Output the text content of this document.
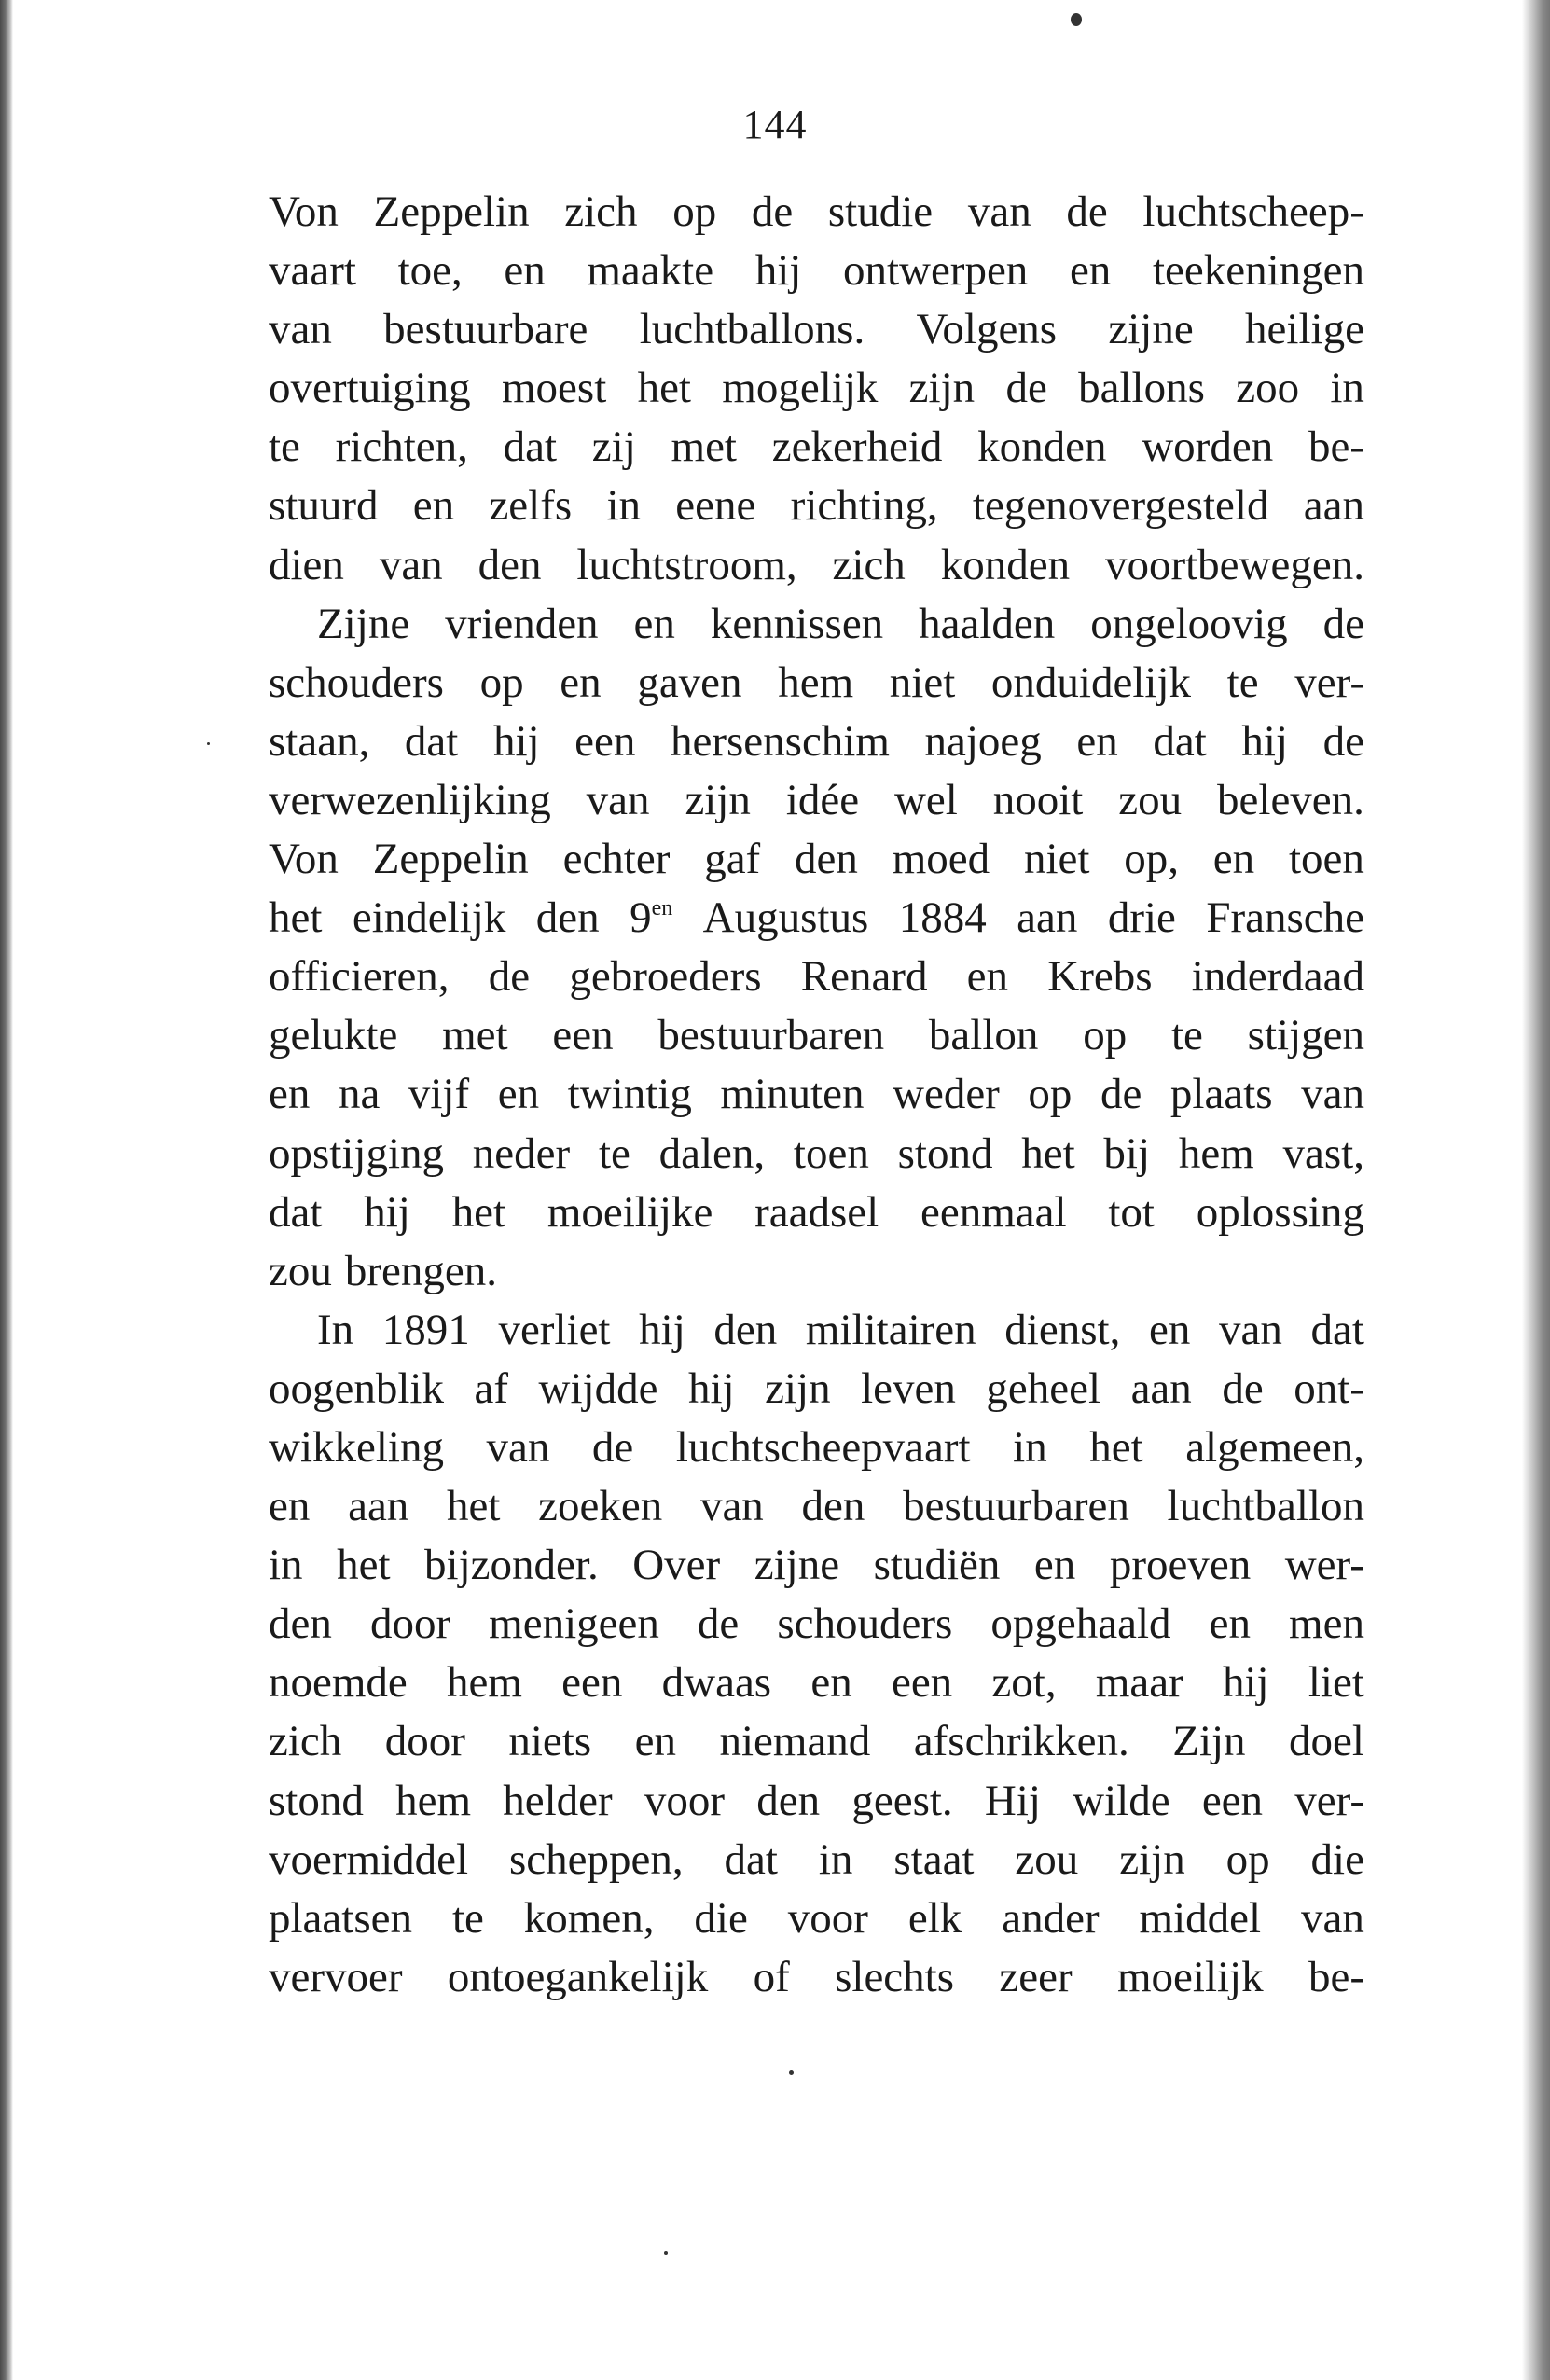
144
Von Zeppelin zich op de studie van de luchtscheep-
vaart toe, en maakte hij ontwerpen en teekeningen
van bestuurbare luchtballons. Volgens zijne heilige
overtuiging moest het mogelijk zijn de ballons zoo in
te richten, dat zij met zekerheid konden worden be-
stuurd en zelfs in eene richting, tegenovergesteld aan
dien van den luchtstroom, zich konden voortbewegen.
Zijne vrienden en kennissen haalden ongeloovig de
schouders op en gaven hem niet onduidelijk te ver-
staan, dat hij een hersenschim najoeg en dat hij de
verwezenlijking van zijn idée wel nooit zou beleven.
Von Zeppelin echter gaf den moed niet op, en toen
het eindelijk den $9^{en}$ Augustus 1884 aan drie Fransche
officieren, de gebroeders Renard en Krebs inderdaad
gelukte met een bestuurbaren ballon op te stijgen
en na vijf en twintig minuten weder op de plaats van
opstijging neder te dalen, toen stond het bij hem vast,
dat hij het moeilijke raadsel eenmaal tot oplossing
zou brengen.
In 1891 verliet hij den militairen dienst, en van dat
oogenblik af wijdde hij zijn leven geheel aan de ont-
wikkeling van de luchtscheepvaart in het algemeen,
en aan het zoeken van den bestuurbaren luchtballon
in het bijzonder. Over zijne studiën en proeven wer-
den door menigeen de schouders opgehaald en men
noemde hem een dwaas en een zot, maar hij liet
zich door niets en niemand afschrikken. Zijn doel
stond hem helder voor den geest. Hij wilde een ver-
voermiddel scheppen, dat in staat zou zijn op die
plaatsen te komen, die voor elk ander middel van
vervoer ontoegankelijk of slechts zeer moeilijk be-
